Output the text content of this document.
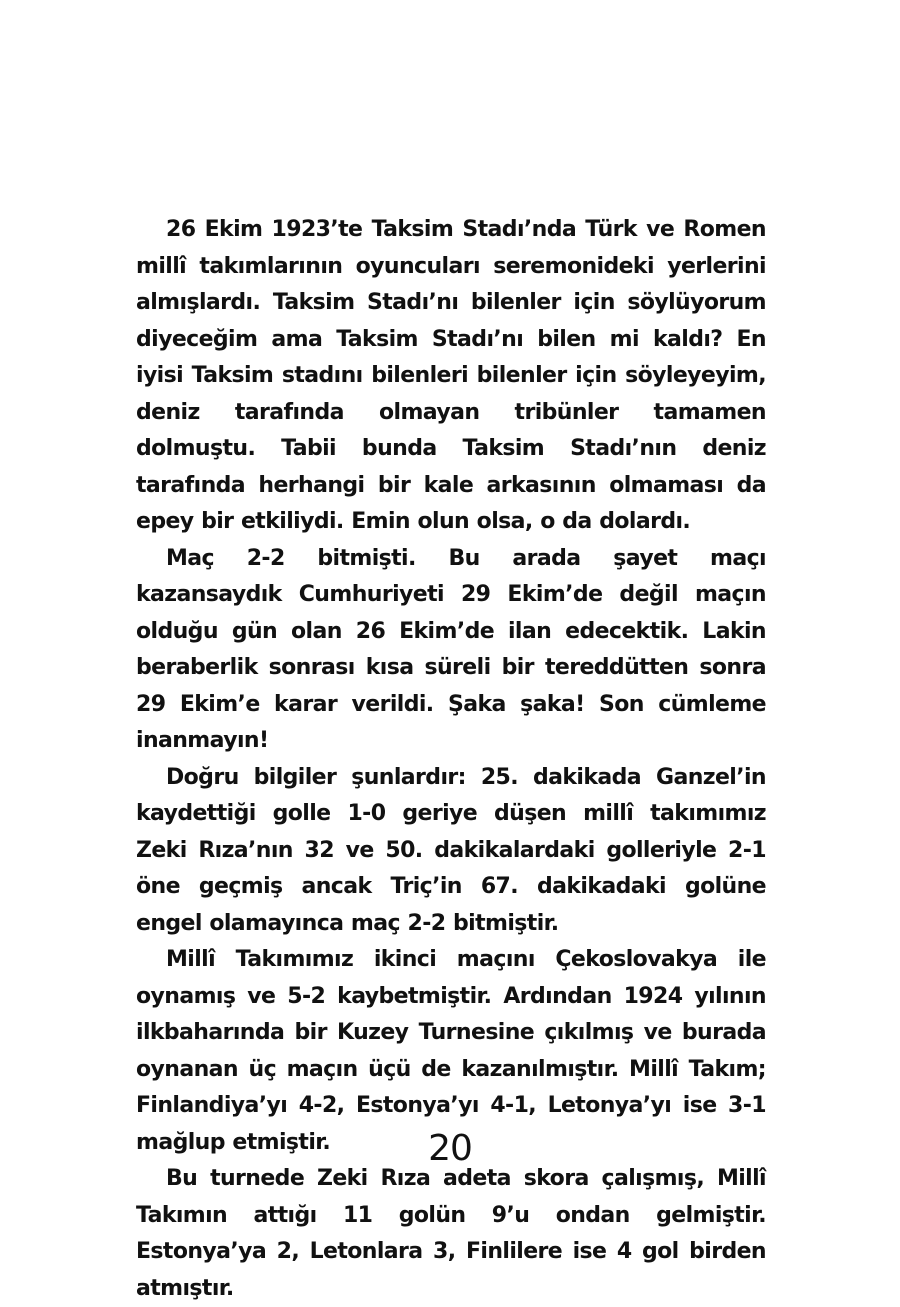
26 Ekim 1923’te Taksim Stadı’nda Türk ve Romen millî takımlarının oyuncuları seremonideki yerlerini almışlardı. Taksim Stadı’nı bilenler için söylüyorum diyeceğim ama Taksim Stadı’nı bilen mi kaldı? En iyisi Taksim stadını bilenleri bilenler için söyleyeyim, deniz tarafında olmayan tribünler tamamen dolmuştu. Tabii bunda Taksim Stadı’nın deniz tarafında herhangi bir kale arkasının olmaması da epey bir etkiliydi. Emin olun olsa, o da dolardı.

Maç 2-2 bitmişti. Bu arada şayet maçı kazansaydık Cumhuriyeti 29 Ekim’de değil maçın olduğu gün olan 26 Ekim’de ilan edecektik. Lakin beraberlik sonrası kısa süreli bir tereddütten sonra 29 Ekim’e karar verildi. Şaka şaka! Son cümleme inanmayın!

Doğru bilgiler şunlardır: 25. dakikada Ganzel’in kaydettiği golle 1-0 geriye düşen millî takımımız Zeki Rıza’nın 32 ve 50. dakikalardaki golleriyle 2-1 öne geçmiş ancak Triç’in 67. dakikadaki golüne engel olamayınca maç 2-2 bitmiştir.

Millî Takımımız ikinci maçını Çekoslovakya ile oynamış ve 5-2 kaybetmiştir. Ardından 1924 yılının ilkbaharında bir Kuzey Turnesine çıkılmış ve burada oynanan üç maçın üçü de kazanılmıştır. Millî Takım; Finlandiya’yı 4-2, Estonya’yı 4-1, Letonya’yı ise 3-1 mağlup etmiştir.

Bu turnede Zeki Rıza adeta skora çalışmış, Millî Takımın attığı 11 golün 9’u ondan gelmiştir. Estonya’ya 2, Letonlara 3, Finlilere ise 4 gol birden atmıştır.

20
